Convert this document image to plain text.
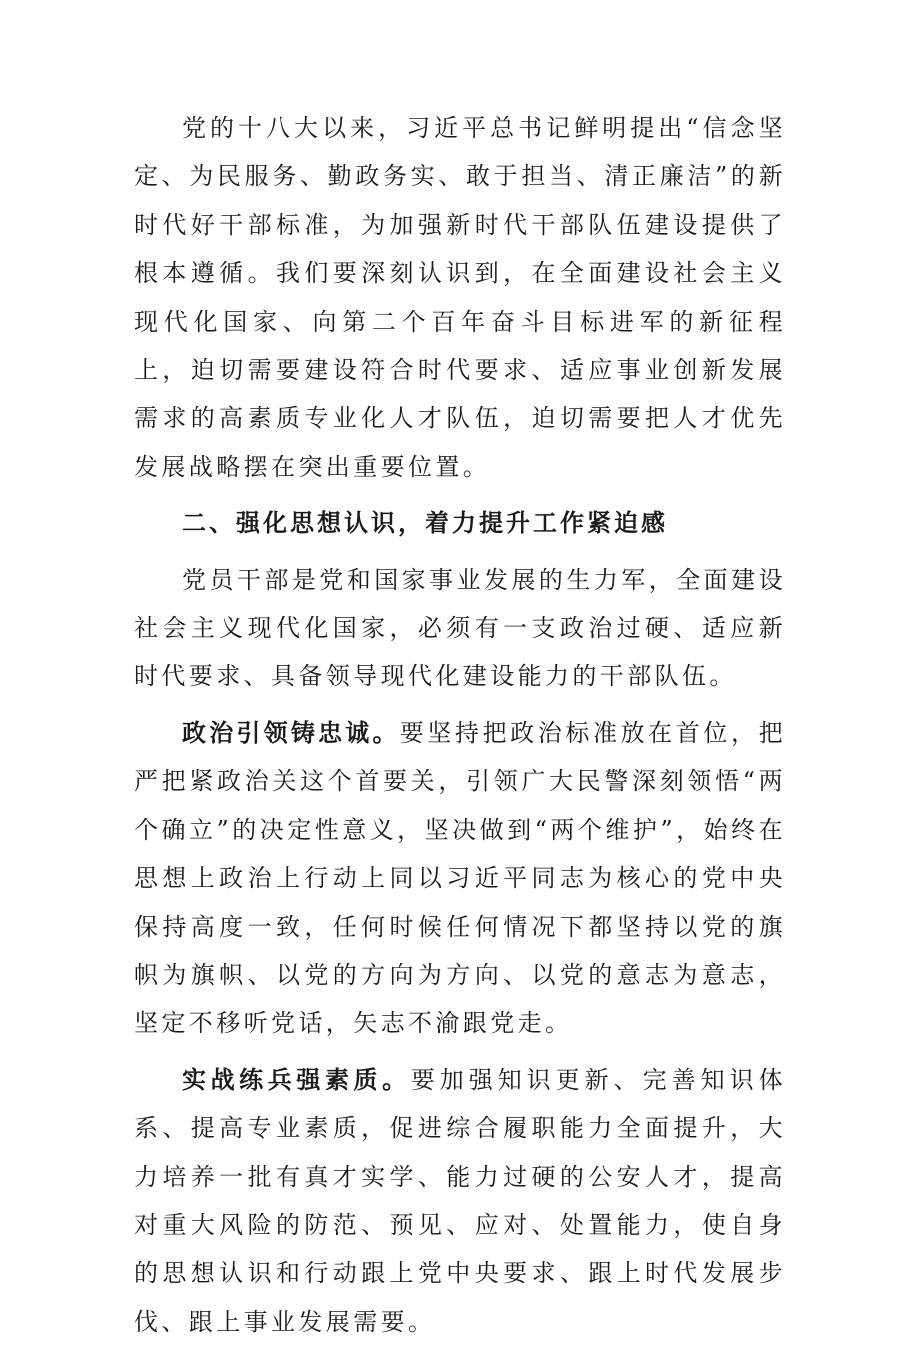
党的十八大以来，习近平总书记鲜明提出“信念坚定、为民服务、勤政务实、敢于担当、清正廉洁”的新时代好干部标准，为加强新时代干部队伍建设提供了根本遵循。我们要深刻认识到，在全面建设社会主义现代化国家、向第二个百年奋斗目标进军的新征程上，迫切需要建设符合时代要求、适应事业创新发展需求的高素质专业化人才队伍，迫切需要把人才优先发展战略摆在突出重要位置。

二、强化思想认识，着力提升工作紧迫感

党员干部是党和国家事业发展的生力军，全面建设社会主义现代化国家，必须有一支政治过硬、适应新时代要求、具备领导现代化建设能力的干部队伍。

政治引领铸忠诚。要坚持把政治标准放在首位，把严把紧政治关这个首要关，引领广大民警深刻领悟“两个确立”的决定性意义，坚决做到“两个维护”，始终在思想上政治上行动上同以习近平同志为核心的党中央保持高度一致，任何时候任何情况下都坚持以党的旗帜为旗帜、以党的方向为方向、以党的意志为意志，坚定不移听党话，矢志不渝跟党走。

实战练兵强素质。要加强知识更新、完善知识体系、提高专业素质，促进综合履职能力全面提升，大力培养一批有真才实学、能力过硬的公安人才，提高对重大风险的防范、预见、应对、处置能力，使自身的思想认识和行动跟上党中央要求、跟上时代发展步伐、跟上事业发展需要。
